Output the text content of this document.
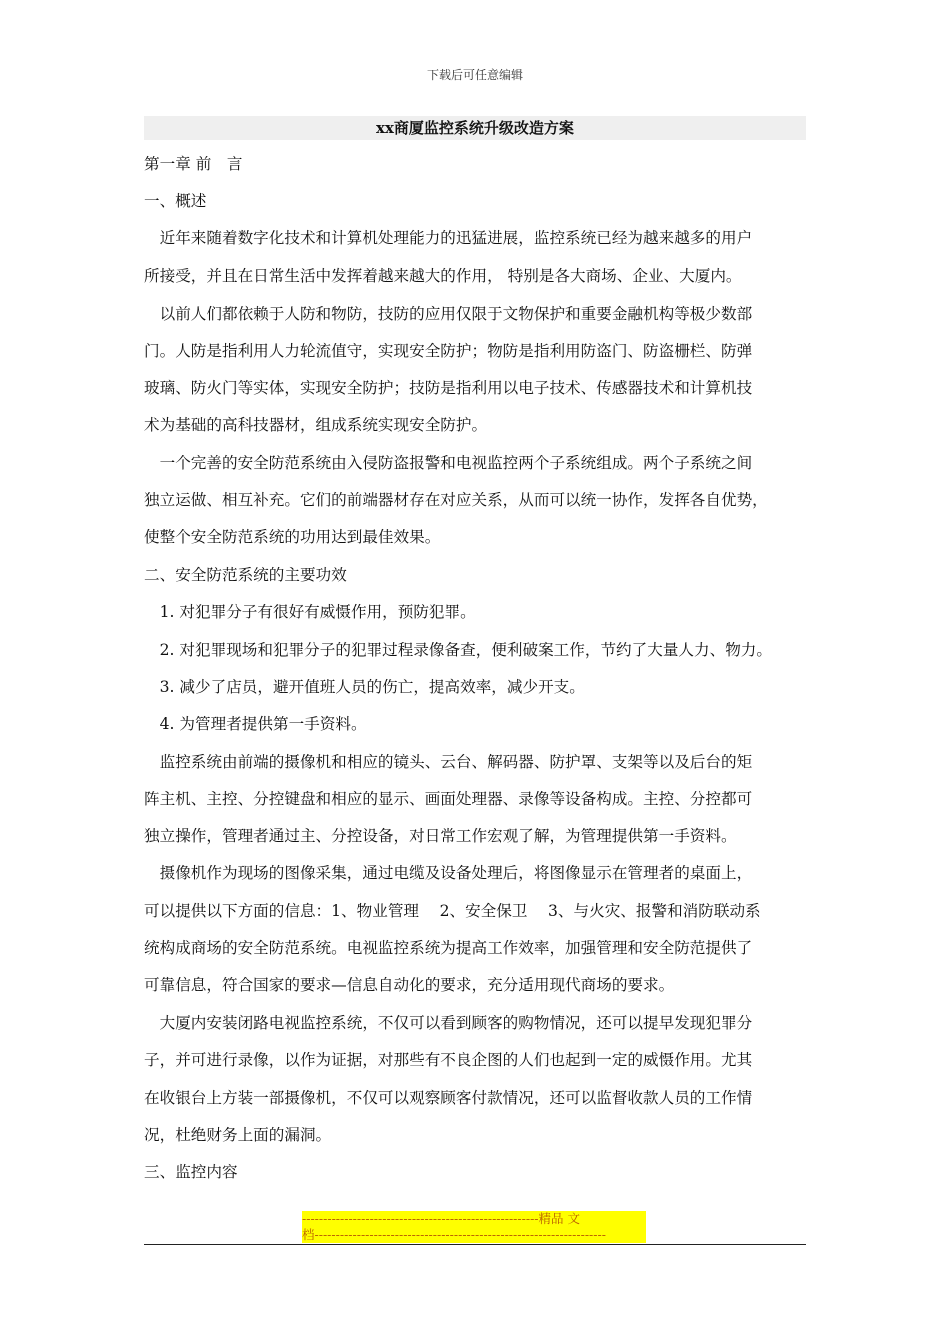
下载后可任意编辑
xx商厦监控系统升级改造方案
第一章 前　言
一、概述
　近年来随着数字化技术和计算机处理能力的迅猛进展，监控系统已经为越来越多的用户
所接受，并且在日常生活中发挥着越来越大的作用， 特别是各大商场、企业、大厦内。
　以前人们都依赖于人防和物防，技防的应用仅限于文物保护和重要金融机构等极少数部
门。人防是指利用人力轮流值守，实现安全防护；物防是指利用防盗门、防盗栅栏、防弹
玻璃、防火门等实体，实现安全防护；技防是指利用以电子技术、传感器技术和计算机技
术为基础的高科技器材，组成系统实现安全防护。
　一个完善的安全防范系统由入侵防盗报警和电视监控两个子系统组成。两个子系统之间
独立运做、相互补充。它们的前端器材存在对应关系，从而可以统一协作，发挥各自优势，
使整个安全防范系统的功用达到最佳效果。
二、安全防范系统的主要功效
　1. 对犯罪分子有很好有威慑作用，预防犯罪。
　2. 对犯罪现场和犯罪分子的犯罪过程录像备查，便利破案工作，节约了大量人力、物力。
　3. 减少了店员，避开值班人员的伤亡，提高效率，减少开支。
　4. 为管理者提供第一手资料。
　监控系统由前端的摄像机和相应的镜头、云台、解码器、防护罩、支架等以及后台的矩
阵主机、主控、分控键盘和相应的显示、画面处理器、录像等设备构成。主控、分控都可
独立操作，管理者通过主、分控设备，对日常工作宏观了解，为管理提供第一手资料。
　摄像机作为现场的图像采集，通过电缆及设备处理后，将图像显示在管理者的桌面上，
可以提供以下方面的信息：1、物业管理　 2、安全保卫　 3、与火灾、报警和消防联动系
统构成商场的安全防范系统。电视监控系统为提高工作效率，加强管理和安全防范提供了
可靠信息，符合国家的要求—信息自动化的要求，充分适用现代商场的要求。
　大厦内安装闭路电视监控系统，不仅可以看到顾客的购物情况，还可以提早发现犯罪分
子，并可进行录像，以作为证据，对那些有不良企图的人们也起到一定的威慑作用。尤其
在收银台上方装一部摄像机，不仅可以观察顾客付款情况，还可以监督收款人员的工作情
况，杜绝财务上面的漏洞。
三、监控内容
--------------------------------------------------------精品 文
档---------------------------------------------------------------------
